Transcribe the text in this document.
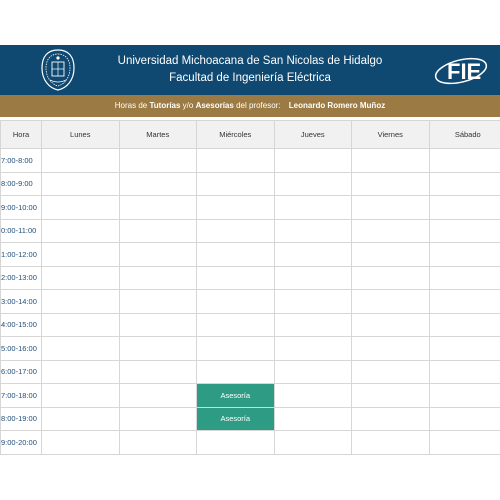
Universidad Michoacana de San Nicolas de Hidalgo
Facultad de Ingeniería Eléctrica	FIE
Horas de Tutorías y/o Asesorías del profesor: Leonardo Romero Muñoz
Hora	Lunes	Martes	Miércoles	Jueves	Viernes	Sábado
7:00-8:00						
8:00-9:00						
9:00-10:00						
0:00-11:00						
1:00-12:00						
2:00-13:00						
3:00-14:00						
4:00-15:00						
5:00-16:00						
6:00-17:00						
7:00-18:00			Asesoría			
8:00-19:00			Asesoría			
9:00-20:00						
